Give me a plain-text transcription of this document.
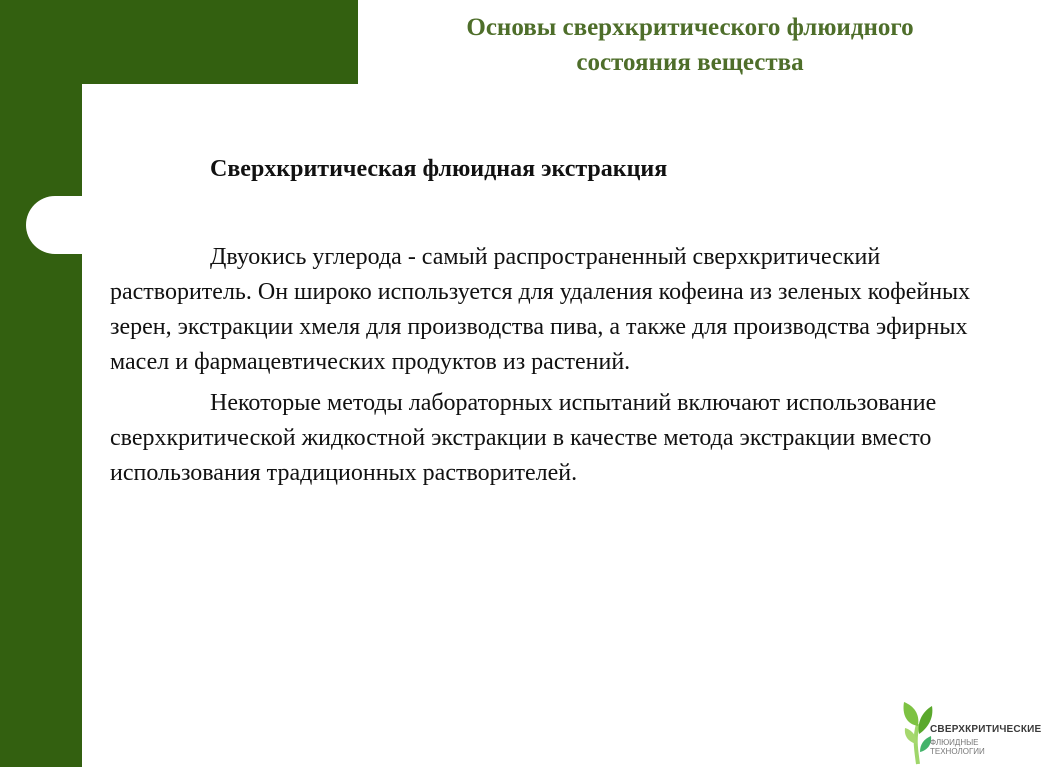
Основы сверхкритического флюидного
состояния вещества
Сверхкритическая флюидная экстракция

Двуокись углерода - самый распространенный сверхкритический растворитель. Он широко используется для удаления кофеина из зеленых кофейных зерен, экстракции хмеля для производства пива, а также для производства эфирных масел и фармацевтических продуктов из растений.

Некоторые методы лабораторных испытаний включают использование сверхкритической жидкостной экстракции в качестве метода экстракции вместо использования традиционных растворителей.

СВЕРХКРИТИЧЕСКИЕ
ФЛЮИДНЫЕ ТЕХНОЛОГИИ
